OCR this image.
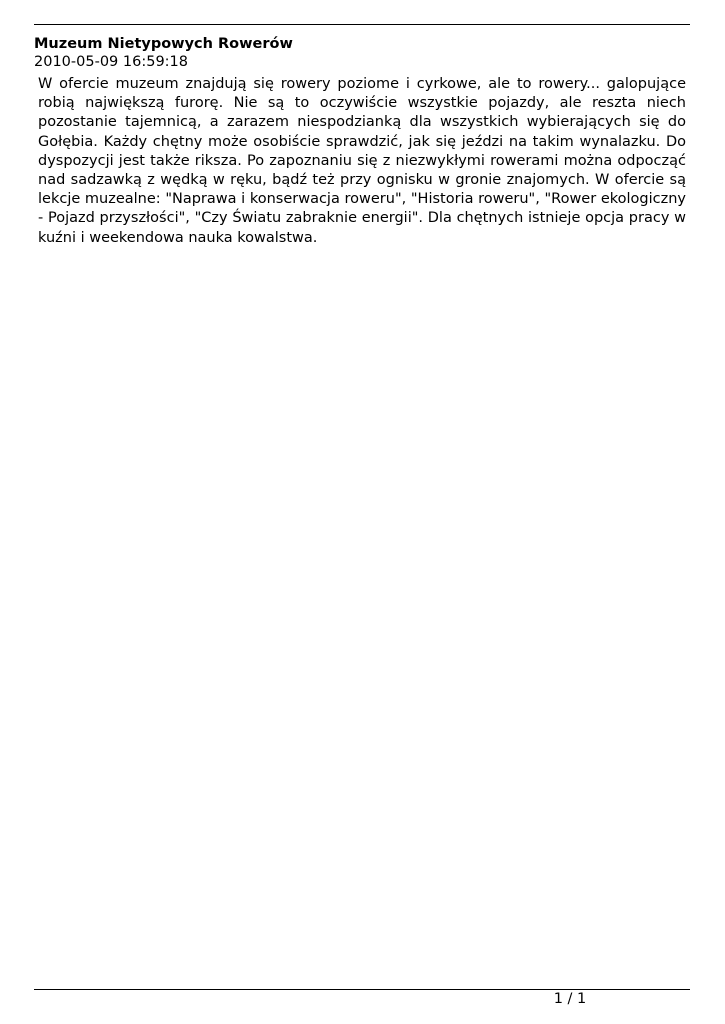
Muzeum Nietypowych Rowerów
2010-05-09 16:59:18

W ofercie muzeum znajdują się rowery poziome i cyrkowe, ale to rowery... galopujące robią największą furorę. Nie są to oczywiście wszystkie pojazdy, ale reszta niech pozostanie tajemnicą, a zarazem niespodzianką dla wszystkich wybierających się do Gołębia. Każdy chętny może osobiście sprawdzić, jak się jeździ na takim wynalazku. Do dyspozycji jest także riksza. Po zapoznaniu się z niezwykłymi rowerami można odpocząć nad sadzawką z wędką w ręku, bądź też przy ognisku w gronie znajomych. W ofercie są lekcje muzealne: "Naprawa i konserwacja roweru", "Historia roweru", "Rower ekologiczny - Pojazd przyszłości", "Czy Światu zabraknie energii". Dla chętnych istnieje opcja pracy w kuźni i weekendowa nauka kowalstwa.

1 / 1
